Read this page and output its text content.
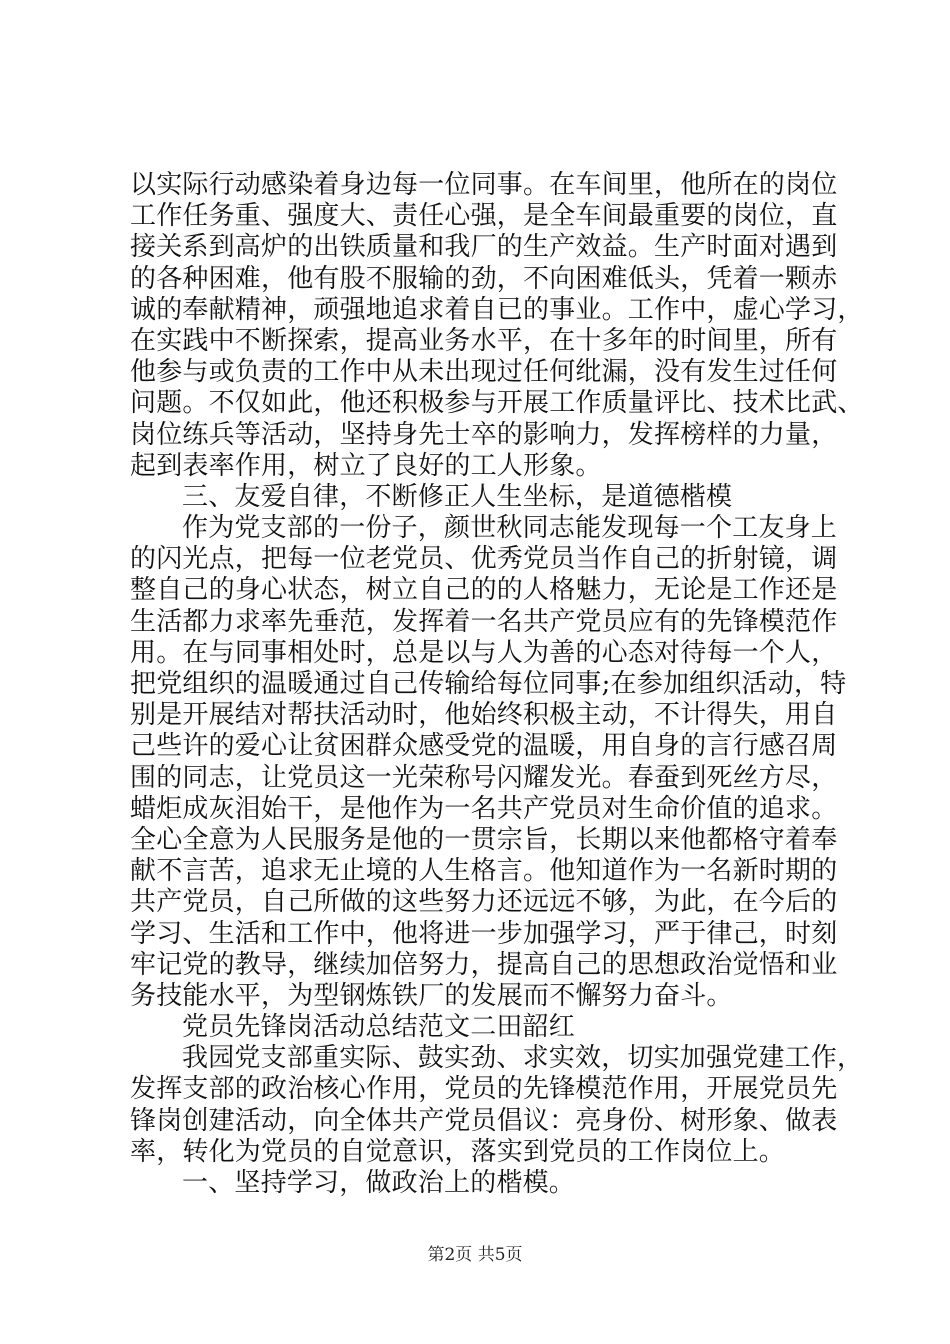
以实际行动感染着身边每一位同事。在车间里，他所在的岗位
工作任务重、强度大、责任心强，是全车间最重要的岗位，直
接关系到高炉的出铁质量和我厂的生产效益。生产时面对遇到
的各种困难，他有股不服输的劲，不向困难低头，凭着一颗赤
诚的奉献精神，顽强地追求着自已的事业。工作中，虚心学习，
在实践中不断探索，提高业务水平，在十多年的时间里，所有
他参与或负责的工作中从未出现过任何纰漏，没有发生过任何
问题。不仅如此，他还积极参与开展工作质量评比、技术比武、
岗位练兵等活动，坚持身先士卒的影响力，发挥榜样的力量，
起到表率作用，树立了良好的工人形象。
三、友爱自律，不断修正人生坐标，是道德楷模
作为党支部的一份子，颜世秋同志能发现每一个工友身上
的闪光点，把每一位老党员、优秀党员当作自己的折射镜，调
整自己的身心状态，树立自己的的人格魅力，无论是工作还是
生活都力求率先垂范，发挥着一名共产党员应有的先锋模范作
用。在与同事相处时，总是以与人为善的心态对待每一个人，
把党组织的温暖通过自己传输给每位同事;在参加组织活动，特
别是开展结对帮扶活动时，他始终积极主动，不计得失，用自
己些许的爱心让贫困群众感受党的温暖，用自身的言行感召周
围的同志，让党员这一光荣称号闪耀发光。春蚕到死丝方尽，
蜡炬成灰泪始干，是他作为一名共产党员对生命价值的追求。
全心全意为人民服务是他的一贯宗旨，长期以来他都格守着奉
献不言苦，追求无止境的人生格言。他知道作为一名新时期的
共产党员，自己所做的这些努力还远远不够，为此，在今后的
学习、生活和工作中，他将进一步加强学习，严于律己，时刻
牢记党的教导，继续加倍努力，提高自己的思想政治觉悟和业
务技能水平，为型钢炼铁厂的发展而不懈努力奋斗。
党员先锋岗活动总结范文二田韶红
我园党支部重实际、鼓实劲、求实效，切实加强党建工作，
发挥支部的政治核心作用，党员的先锋模范作用，开展党员先
锋岗创建活动，向全体共产党员倡议：亮身份、树形象、做表
率，转化为党员的自觉意识，落实到党员的工作岗位上。
一、坚持学习，做政治上的楷模。
第2页 共5页
